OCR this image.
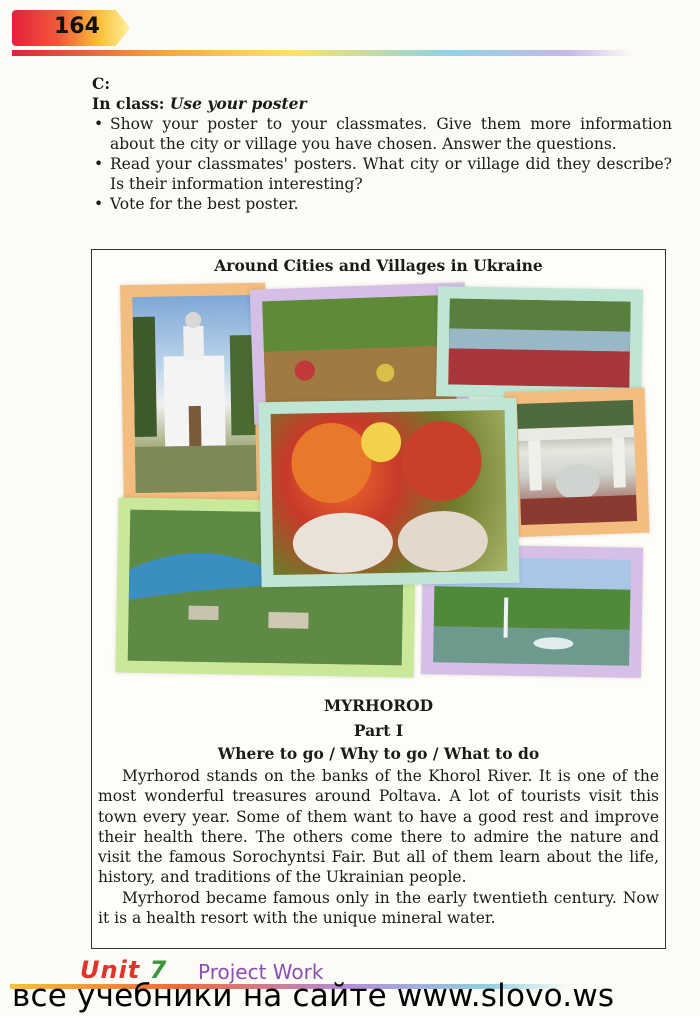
164

C:

In class: Use your poster

• Show your poster to your classmates. Give them more information about the city or village you have chosen. Answer the questions.
• Read your classmates' posters. What city or village did they describe? Is their information interesting?
• Vote for the best poster.
Around Cities and Villages in Ukraine
MYRHOROD
Part I
Where to go / Why to go / What to do

Myrhorod stands on the banks of the Khorol River. It is one of the most wonderful treasures around Poltava. A lot of tourists visit this town every year. Some of them want to have a good rest and improve their health there. The others come there to admire the nature and visit the famous Sorochyntsi Fair. But all of them learn about the life, history, and traditions of the Ukrainian people.

Myrhorod became famous only in the early twentieth century. Now it is a health resort with the unique mineral water.

Unit 7 Project Work
все учебники на сайте www.slovo.ws
